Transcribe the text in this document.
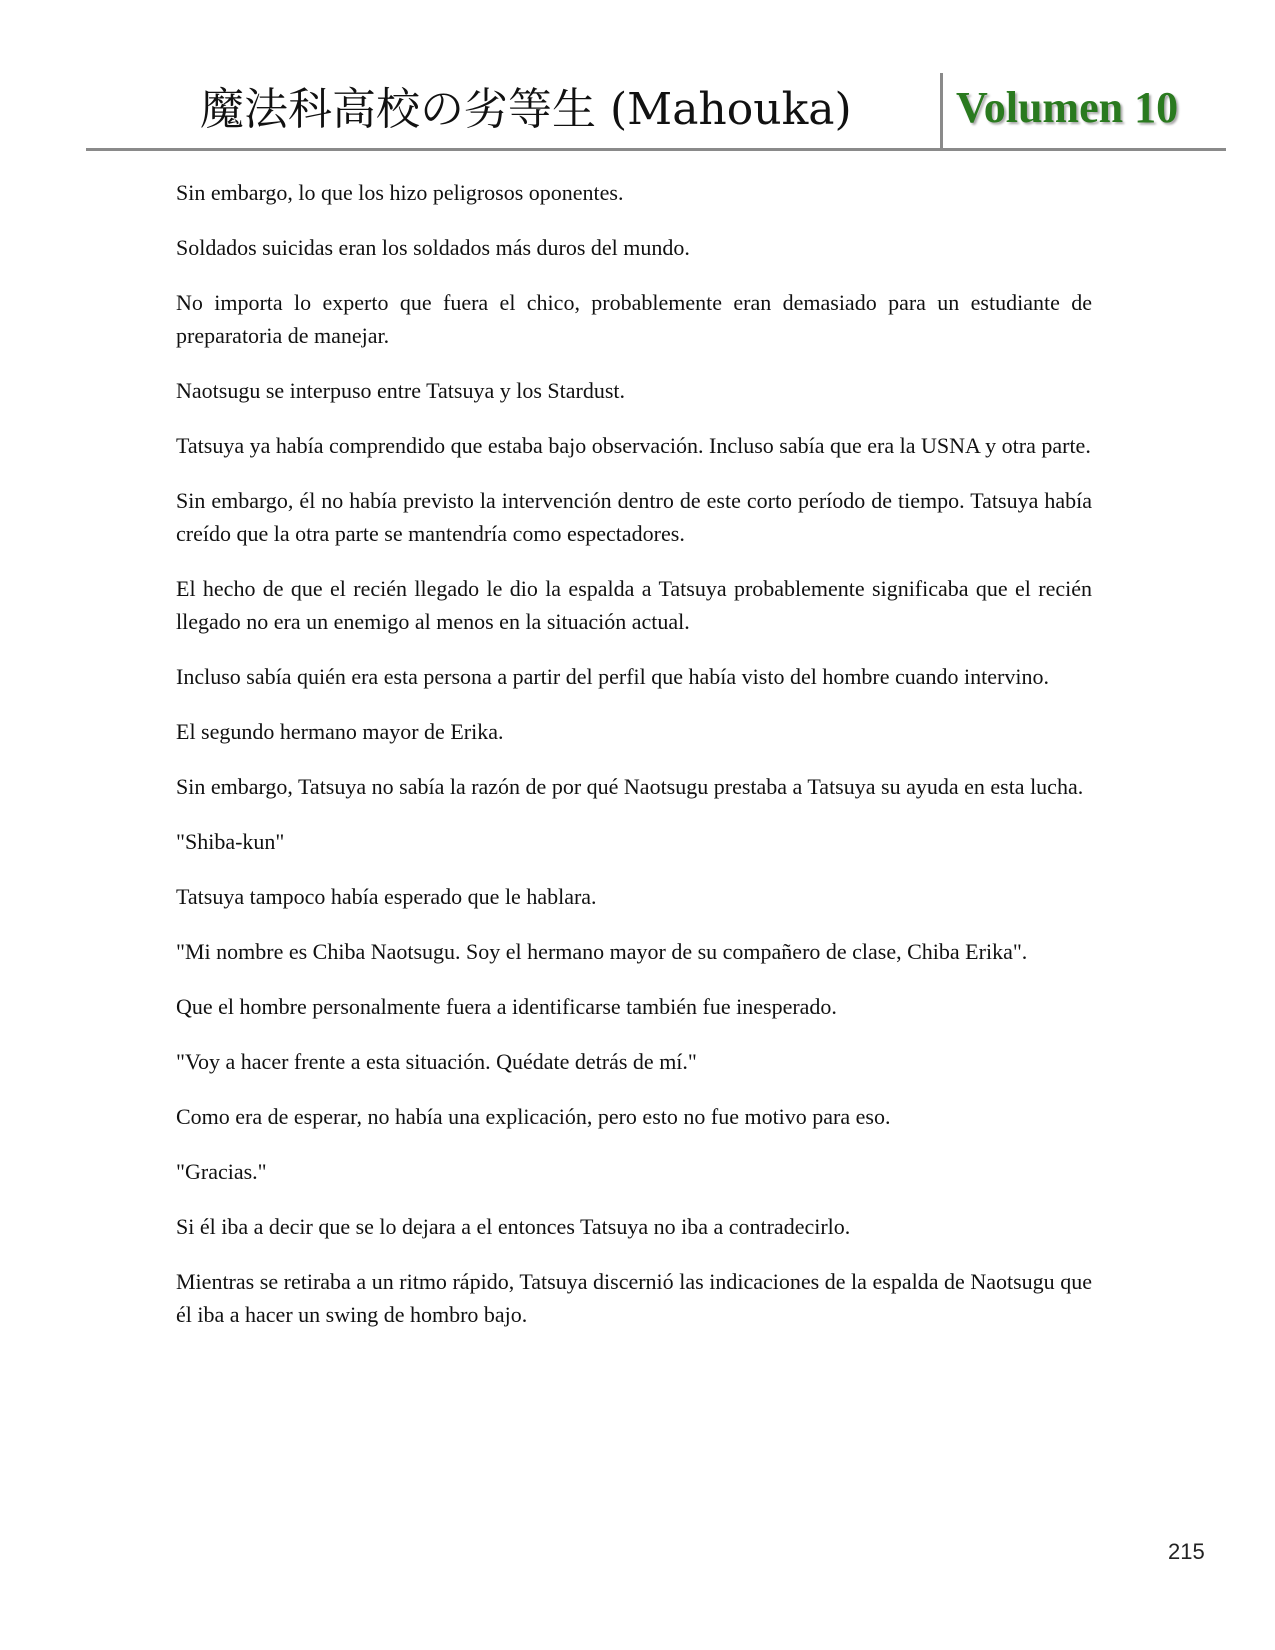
魔法科高校の劣等生 (Mahouka) Volumen 10

Sin embargo, lo que los hizo peligrosos oponentes.

Soldados suicidas eran los soldados más duros del mundo.

No importa lo experto que fuera el chico, probablemente eran demasiado para un estudiante de preparatoria de manejar.

Naotsugu se interpuso entre Tatsuya y los Stardust.

Tatsuya ya había comprendido que estaba bajo observación. Incluso sabía que era la USNA y otra parte.

Sin embargo, él no había previsto la intervención dentro de este corto período de tiempo. Tatsuya había creído que la otra parte se mantendría como espectadores.

El hecho de que el recién llegado le dio la espalda a Tatsuya probablemente significaba que el recién llegado no era un enemigo al menos en la situación actual.

Incluso sabía quién era esta persona a partir del perfil que había visto del hombre cuando intervino.

El segundo hermano mayor de Erika.

Sin embargo, Tatsuya no sabía la razón de por qué Naotsugu prestaba a Tatsuya su ayuda en esta lucha.

"Shiba-kun"

Tatsuya tampoco había esperado que le hablara.

"Mi nombre es Chiba Naotsugu. Soy el hermano mayor de su compañero de clase, Chiba Erika".

Que el hombre personalmente fuera a identificarse también fue inesperado.

"Voy a hacer frente a esta situación. Quédate detrás de mí."

Como era de esperar, no había una explicación, pero esto no fue motivo para eso.

"Gracias."

Si él iba a decir que se lo dejara a el entonces Tatsuya no iba a contradecirlo.

Mientras se retiraba a un ritmo rápido, Tatsuya discernió las indicaciones de la espalda de Naotsugu que él iba a hacer un swing de hombro bajo.

215
